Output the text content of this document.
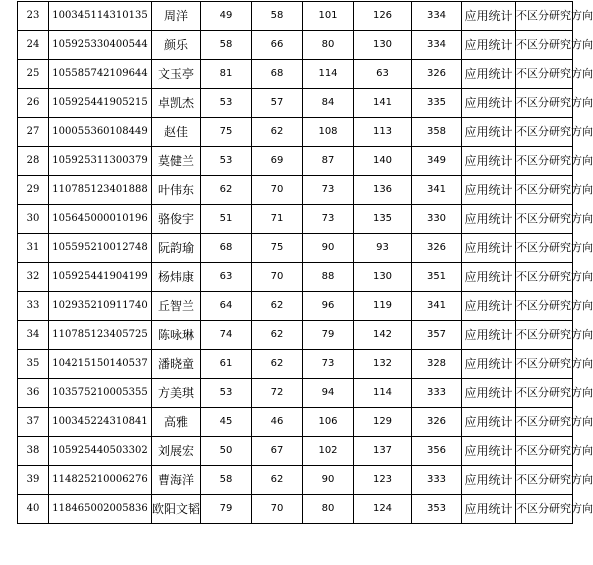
23	100345114310135	周洋	49	58	101	126	334	应用统计	不区分研究方向
24	105925330400544	颜乐	58	66	80	130	334	应用统计	不区分研究方向
25	105585742109644	文玉亭	81	68	114	63	326	应用统计	不区分研究方向
26	105925441905215	卓凯杰	53	57	84	141	335	应用统计	不区分研究方向
27	100055360108449	赵佳	75	62	108	113	358	应用统计	不区分研究方向
28	105925311300379	莫健兰	53	69	87	140	349	应用统计	不区分研究方向
29	110785123401888	叶伟东	62	70	73	136	341	应用统计	不区分研究方向
30	105645000010196	骆俊宇	51	71	73	135	330	应用统计	不区分研究方向
31	105595210012748	阮韵瑜	68	75	90	93	326	应用统计	不区分研究方向
32	105925441904199	杨炜康	63	70	88	130	351	应用统计	不区分研究方向
33	102935210911740	丘智兰	64	62	96	119	341	应用统计	不区分研究方向
34	110785123405725	陈咏琳	74	62	79	142	357	应用统计	不区分研究方向
35	104215150140537	潘晓童	61	62	73	132	328	应用统计	不区分研究方向
36	103575210005355	方美琪	53	72	94	114	333	应用统计	不区分研究方向
37	100345224310841	高雅	45	46	106	129	326	应用统计	不区分研究方向
38	105925440503302	刘展宏	50	67	102	137	356	应用统计	不区分研究方向
39	114825210006276	曹海洋	58	62	90	123	333	应用统计	不区分研究方向
40	118465002005836	欧阳文韬	79	70	80	124	353	应用统计	不区分研究方向
